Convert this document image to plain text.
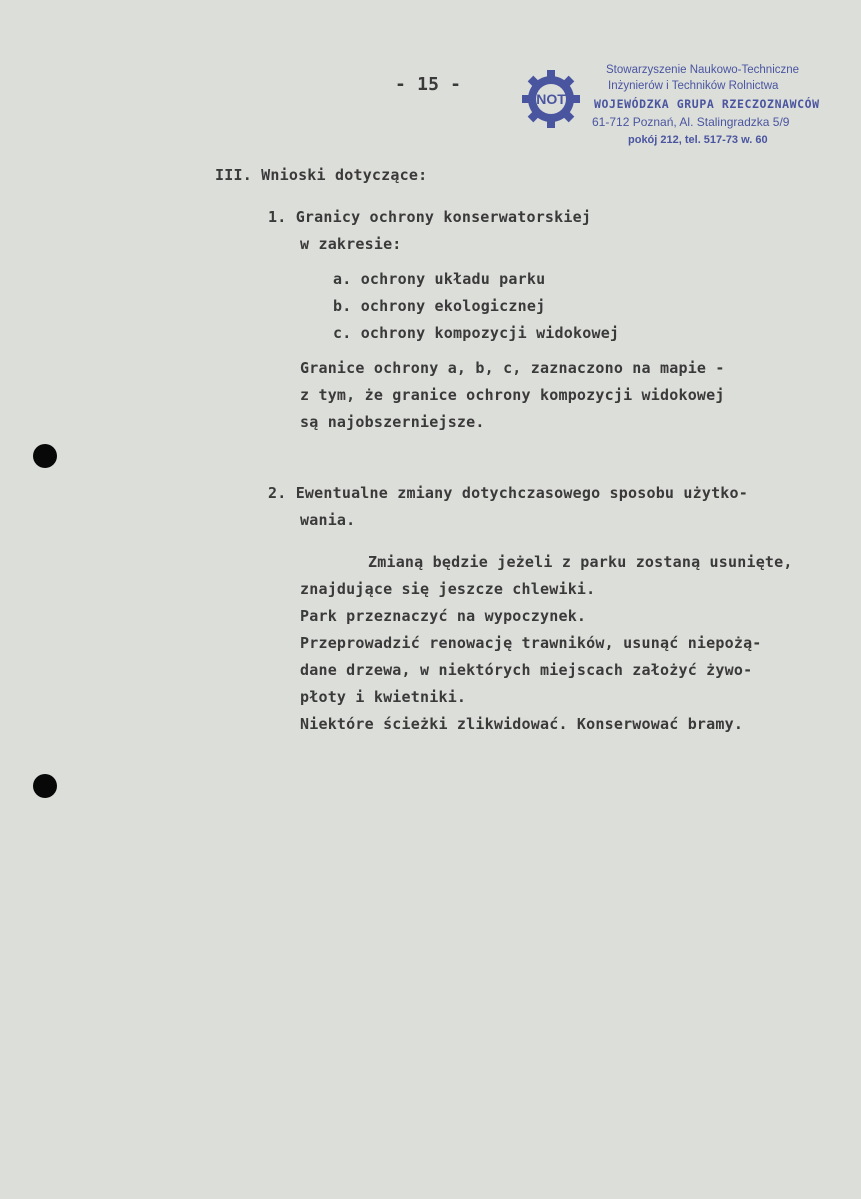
- 15 -
NOT
Stowarzyszenie Naukowo-Techniczne
Inżynierów i Techników Rolnictwa
WOJEWÓDZKA GRUPA RZECZOZNAWCÓW
61-712 Poznań, Al. Stalingradzka 5/9
pokój 212, tel. 517-73 w. 60
III. Wnioski dotyczące:
1. Granicy ochrony konserwatorskiej
w zakresie:
a. ochrony układu parku
b. ochrony ekologicznej
c. ochrony kompozycji widokowej
Granice ochrony a, b, c, zaznaczono na mapie -
z tym, że granice ochrony kompozycji widokowej
są najobszerniejsze.
2. Ewentualne zmiany dotychczasowego sposobu użytko-
wania.
Zmianą będzie jeżeli z parku zostaną usunięte,
znajdujące się jeszcze chlewiki.
Park przeznaczyć na wypoczynek.
Przeprowadzić renowację trawników, usunąć niepożą-
dane drzewa, w niektórych miejscach założyć żywo-
płoty i kwietniki.
Niektóre ścieżki zlikwidować. Konserwować bramy.
